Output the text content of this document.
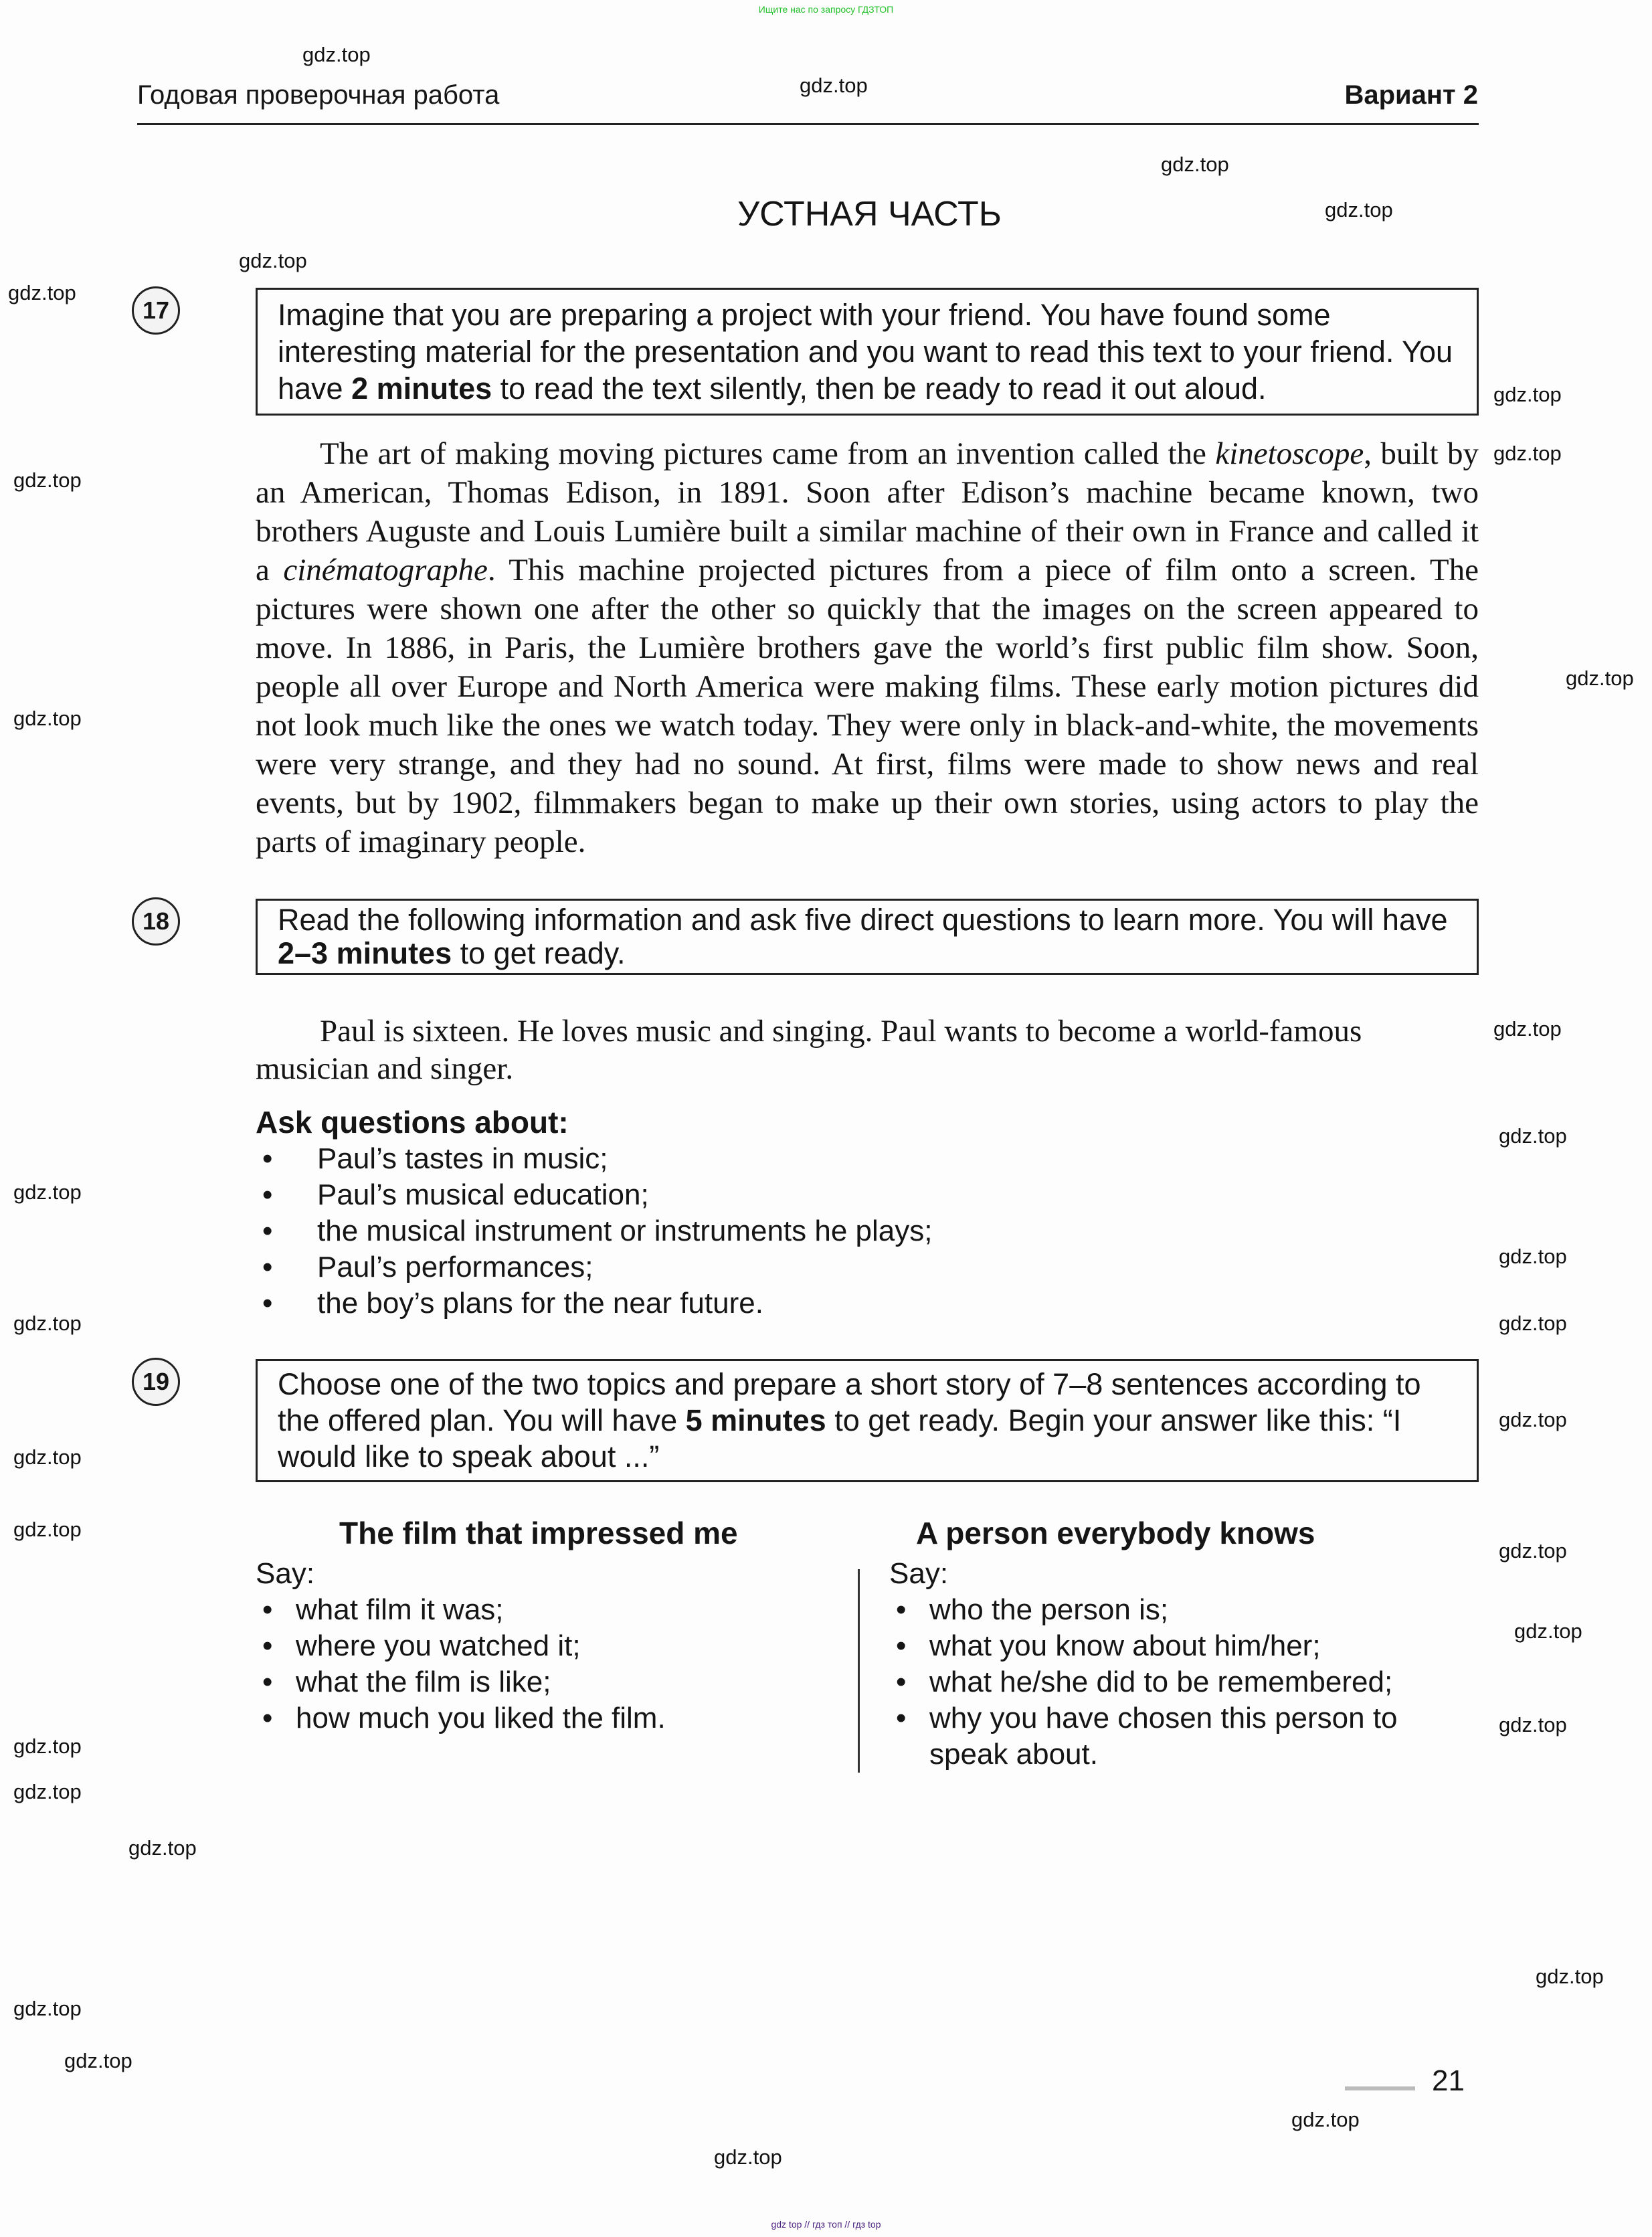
Ищите нас по запросу ГДЗТОП
Годовая проверочная работа	Вариант 2
УСТНАЯ ЧАСТЬ
17	Imagine that you are preparing a project with your friend. You have found some interesting material for the presentation and you want to read this text to your friend. You have 2 minutes to read the text silently, then be ready to read it out aloud.

The art of making moving pictures came from an invention called the kinetoscope, built by an American, Thomas Edison, in 1891. Soon after Edison’s machine became known, two brothers Auguste and Louis Lumière built a similar machine of their own in France and called it a cinématographe. This machine projected pictures from a piece of film onto a screen. The pictures were shown one after the other so quickly that the images on the screen appeared to move. In 1886, in Paris, the Lumière brothers gave the world’s first public film show. Soon, people all over Europe and North America were making films. These early motion pictures did not look much like the ones we watch today. They were only in black-and-white, the movements were very strange, and they had no sound. At first, films were made to show news and real events, but by 1902, filmmakers began to make up their own stories, using actors to play the parts of imaginary people.

18	Read the following information and ask five direct questions to learn more. You will have 2–3 minutes to get ready.
Paul is sixteen. He loves music and singing. Paul wants to become a world-famous musician and singer.
Ask questions about:
• Paul’s tastes in music;
• Paul’s musical education;
• the musical instrument or instruments he plays;
• Paul’s performances;
• the boy’s plans for the near future.
19	Choose one of the two topics and prepare a short story of 7–8 sentences according to the offered plan. You will have 5 minutes to get ready. Begin your answer like this: “I would like to speak about ...”
The film that impressed me
Say:
• what film it was;
• where you watched it;
• what the film is like;
• how much you liked the film.
A person everybody knows
Say:
• who the person is;
• what you know about him/her;
• what he/she did to be remembered;
• why you have chosen this person to speak about.
21
gdz.top
gdz.top
gdz.top
gdz.top
gdz.top
gdz.top
gdz.top
gdz.top
gdz.top
gdz.top
gdz.top
gdz.top
gdz.top
gdz.top
gdz.top
gdz.top
gdz.top
gdz.top
gdz.top
gdz.top
gdz.top
gdz.top
gdz.top
gdz.top
gdz.top
gdz.top
gdz.top
gdz.top
gdz.top
gdz.top
gdz.top
gdz top // гдз топ // гдз top
